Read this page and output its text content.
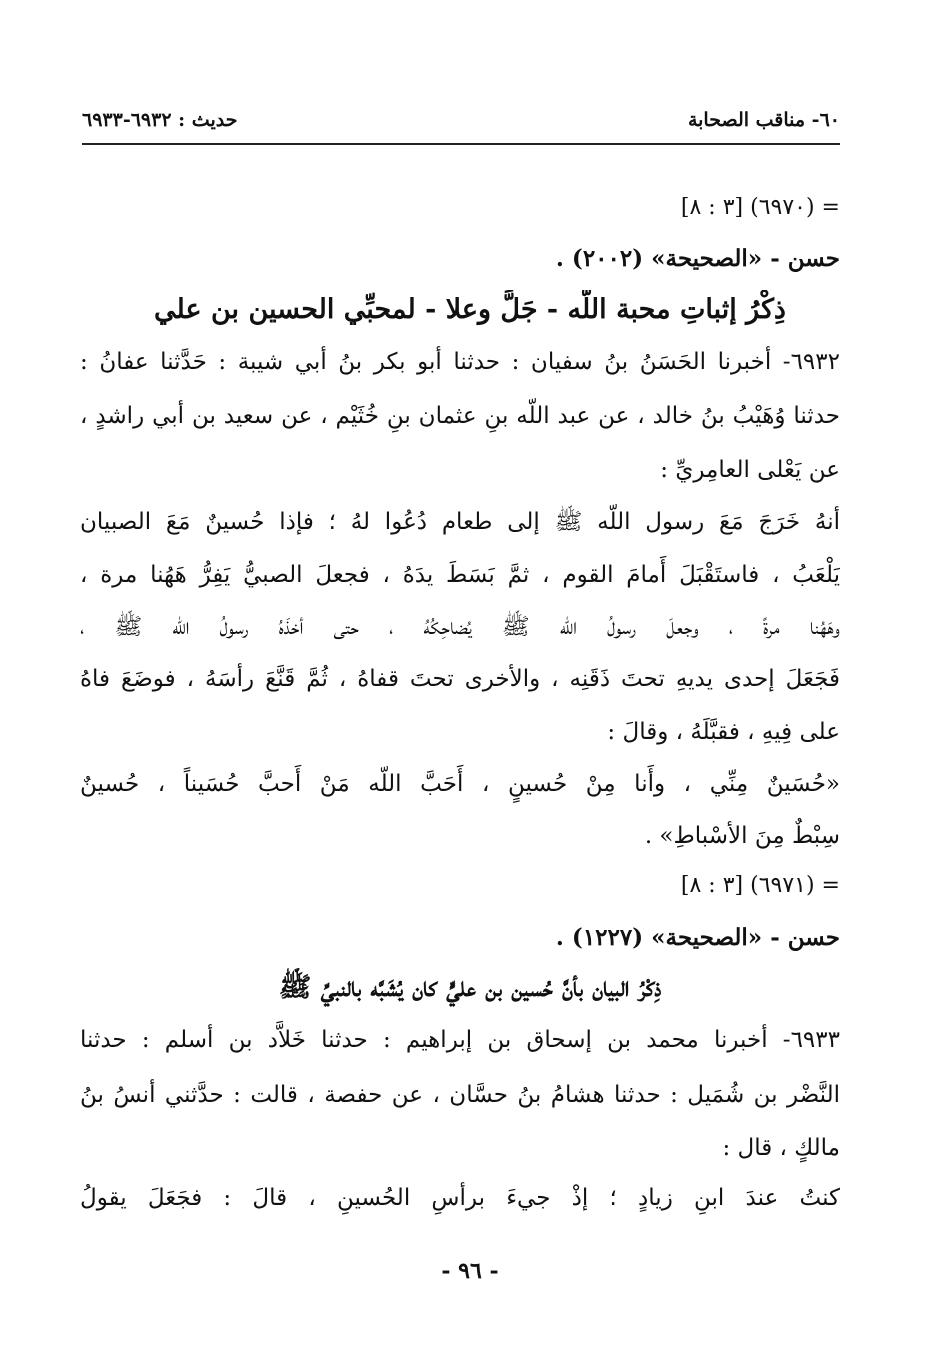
٦٠- مناقب الصحابة
حديث : ٦٩٣٢-٦٩٣٣
= (٦٩٧٠) [٣ : ٨]
حسن - «الصحيحة» (٢٠٠٢) .
ذِكْرُ إثباتِ محبة اللّه - جَلَّ وعلا - لمحبِّي الحسين بن علي
٦٩٣٢- أخبرنا الحَسَنُ بنُ سفيان : حدثنا أبو بكر بنُ أبي شيبة : حَدَّثنا عفانُ :
حدثنا وُهَيْبُ بنُ خالد ، عن عبد اللّه بنِ عثمان بنِ خُثَيْم ، عن سعيد بن أبي راشدٍ ،
عن يَعْلى العامِريِّ :
أنهُ خَرَجَ مَعَ رسول اللّه ﷺ إلى طعام دُعُوا لهُ ؛ فإذا حُسينٌ مَعَ الصبيان
يَلْعَبُ ، فاستَقْبَلَ أَمامَ القوم ، ثمَّ بَسَطَ يدَهُ ، فجعلَ الصبيُّ يَفِرُّ هَهُنا مرة ،
وهَهُنا مرةً ، وجعلَ رسولُ اللّه ﷺ يُضاحِكُهُ ، حتى أخذَهُ رسولُ اللّه ﷺ ،
فَجَعَلَ إحدى يديهِ تحتَ ذَقَنِه ، والأخرى تحتَ قفاهُ ، ثُمَّ قَنَّعَ رأسَهُ ، فوضَعَ فاهُ
على فِيهِ ، فقبَّلَهُ ، وقالَ :
«حُسَينٌ مِنِّي ، وأَنا مِنْ حُسينٍ ، أَحَبَّ اللّه مَنْ أَحبَّ حُسَيناً ، حُسينٌ
سِبْطٌ مِنَ الأسْباطِ» .
= (٦٩٧١) [٣ : ٨]
حسن - «الصحيحة» (١٢٢٧) .
ذِكْرُ البيان بأنَّ حُسين بن عليٍّ كان يُشَبَّه بالنبيِّ ﷺ
٦٩٣٣- أخبرنا محمد بن إسحاق بن إبراهيم : حدثنا خَلاَّد بن أسلم : حدثنا
النَّضْر بن شُمَيل : حدثنا هشامُ بنُ حسَّان ، عن حفصة ، قالت : حدَّثني أنسُ بنُ
مالكٍ ، قال :
كنتُ عندَ ابنِ زيادٍ ؛ إذْ جيءَ برأسِ الحُسينِ ، قالَ : فجَعَلَ يقولُ
- ٩٦ -
